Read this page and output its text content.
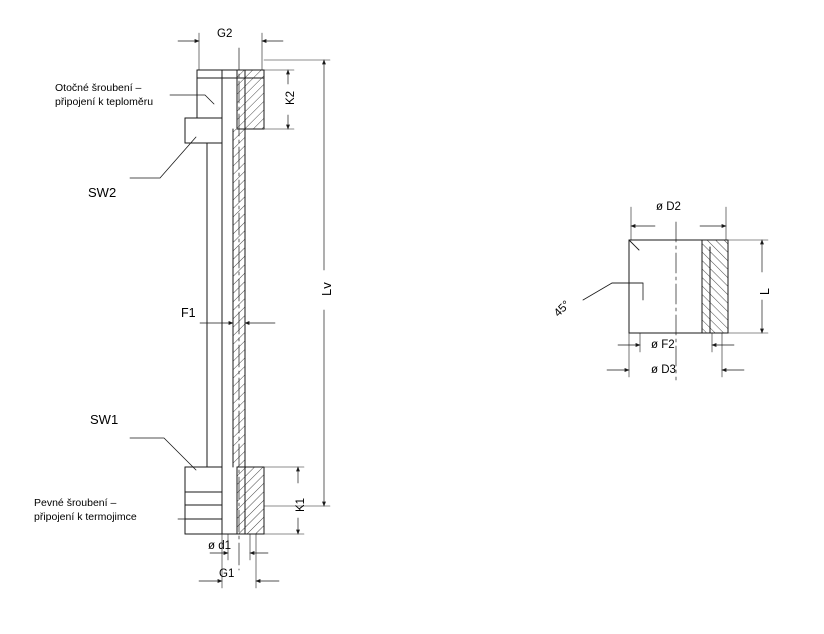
G2
Otočné šroubení –
připojení k teploměru	K2
SW2
Lv
F1
SW1
Pevné šroubení –
připojení k termojimce
K1
ø d1
G1
ø D2
L
45°
ø F2
ø D3
